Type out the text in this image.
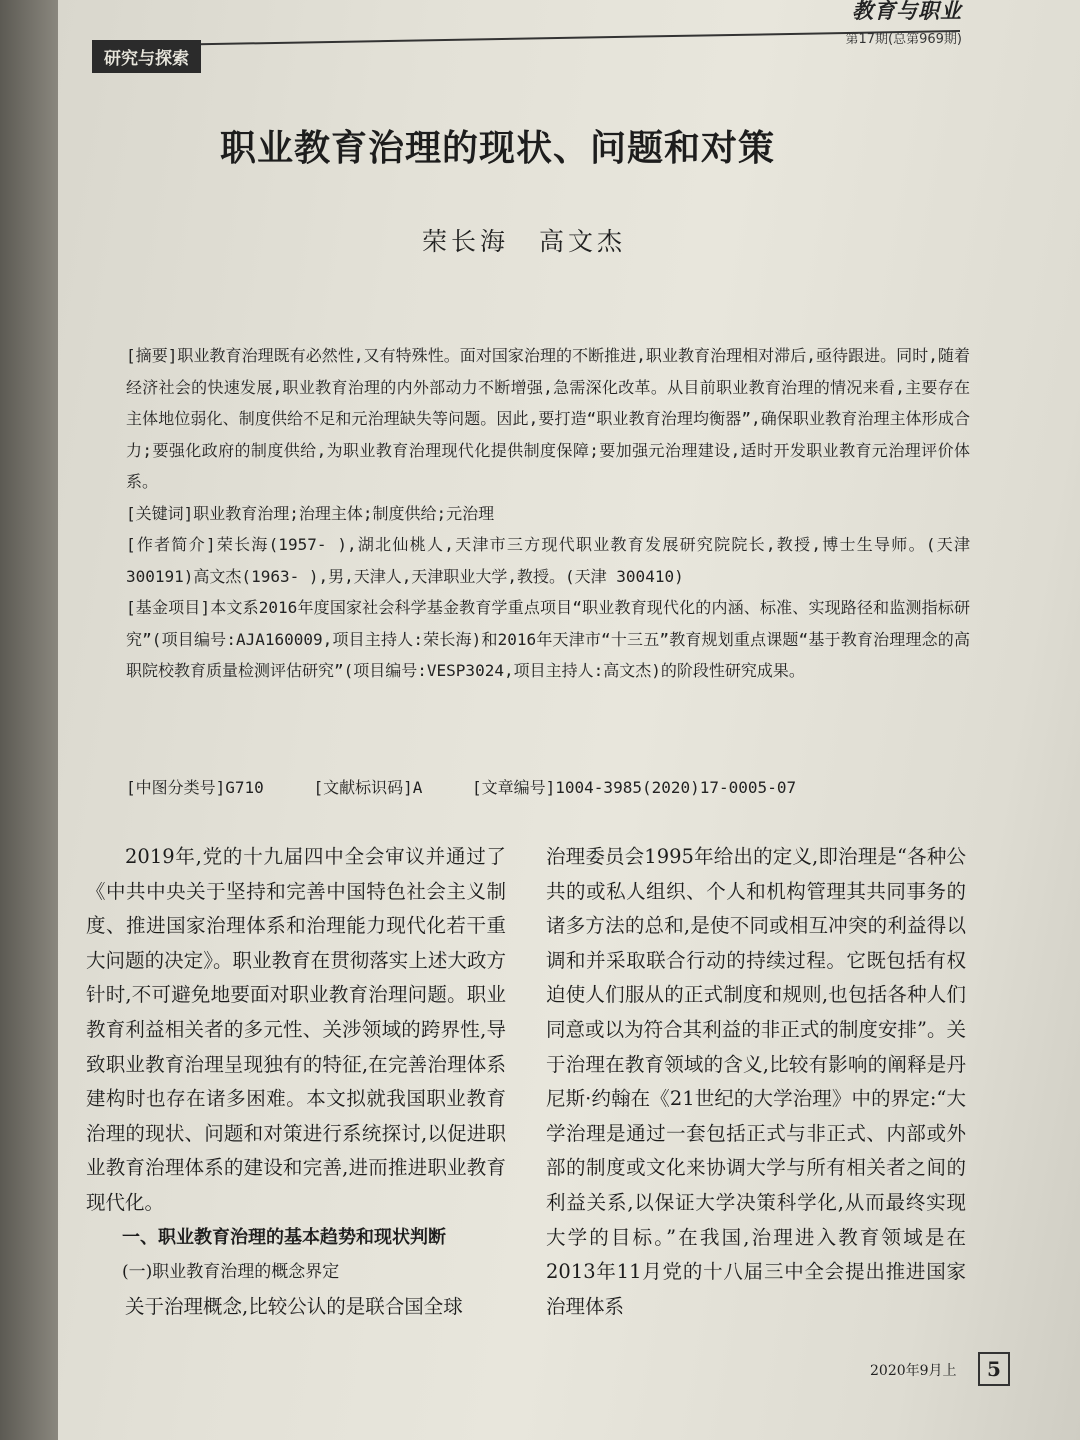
教育与职业
第17期(总第969期)
研究与探索
职业教育治理的现状、问题和对策
荣长海 高文杰

[摘要]职业教育治理既有必然性,又有特殊性。面对国家治理的不断推进,职业教育治理相对滞后,亟待跟进。同时,随着经济社会的快速发展,职业教育治理的内外部动力不断增强,急需深化改革。从目前职业教育治理的情况来看,主要存在主体地位弱化、制度供给不足和元治理缺失等问题。因此,要打造“职业教育治理均衡器”,确保职业教育治理主体形成合力;要强化政府的制度供给,为职业教育治理现代化提供制度保障;要加强元治理建设,适时开发职业教育元治理评价体系。

[关键词]职业教育治理;治理主体;制度供给;元治理

[作者简介]荣长海(1957- ),湖北仙桃人,天津市三方现代职业教育发展研究院院长,教授,博士生导师。(天津 300191)高文杰(1963- ),男,天津人,天津职业大学,教授。(天津 300410)

[基金项目]本文系2016年度国家社会科学基金教育学重点项目“职业教育现代化的内涵、标准、实现路径和监测指标研究”(项目编号:AJA160009,项目主持人:荣长海)和2016年天津市“十三五”教育规划重点课题“基于教育治理理念的高职院校教育质量检测评估研究”(项目编号:VESP3024,项目主持人:高文杰)的阶段性研究成果。

[中图分类号]G710	[文献标识码]A	[文章编号]1004-3985(2020)17-0005-07

2019年,党的十九届四中全会审议并通过了《中共中央关于坚持和完善中国特色社会主义制度、推进国家治理体系和治理能力现代化若干重大问题的决定》。职业教育在贯彻落实上述大政方针时,不可避免地要面对职业教育治理问题。职业教育利益相关者的多元性、关涉领域的跨界性,导致职业教育治理呈现独有的特征,在完善治理体系建构时也存在诸多困难。本文拟就我国职业教育治理的现状、问题和对策进行系统探讨,以促进职业教育治理体系的建设和完善,进而推进职业教育现代化。

一、职业教育治理的基本趋势和现状判断

(一)职业教育治理的概念界定

关于治理概念,比较公认的是联合国全球

治理委员会1995年给出的定义,即治理是“各种公共的或私人组织、个人和机构管理其共同事务的诸多方法的总和,是使不同或相互冲突的利益得以调和并采取联合行动的持续过程。它既包括有权迫使人们服从的正式制度和规则,也包括各种人们同意或以为符合其利益的非正式的制度安排”。关于治理在教育领域的含义,比较有影响的阐释是丹尼斯·约翰在《21世纪的大学治理》中的界定:“大学治理是通过一套包括正式与非正式、内部或外部的制度或文化来协调大学与所有相关者之间的利益关系,以保证大学决策科学化,从而最终实现大学的目标。”在我国,治理进入教育领域是在2013年11月党的十八届三中全会提出推进国家治理体系

2020年9月上	5
